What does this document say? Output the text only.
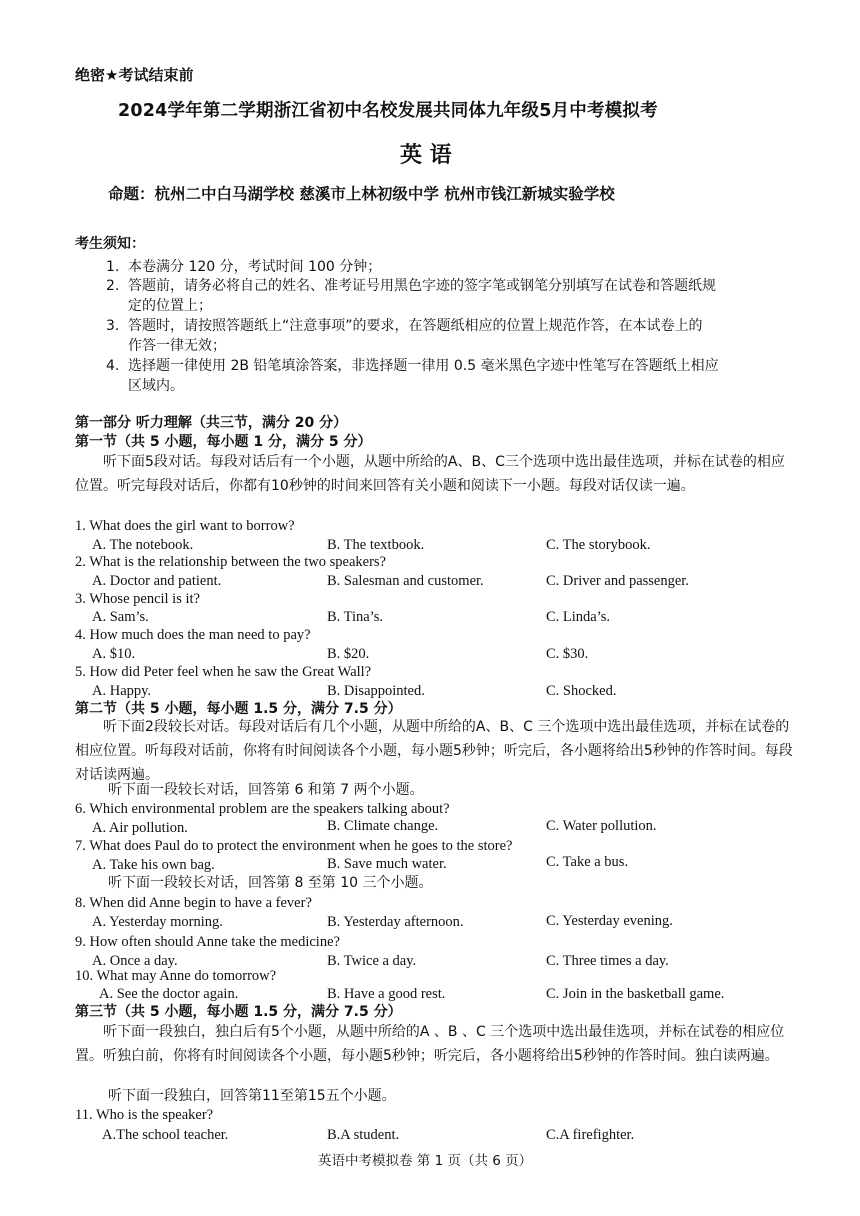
绝密★考试结束前
2024学年第二学期浙江省初中名校发展共同体九年级5月中考模拟考
英 语
命题：杭州二中白马湖学校 慈溪市上林初级中学 杭州市钱江新城实验学校
考生须知：
1. 本卷满分 120 分，考试时间 100 分钟；
2. 答题前，请务必将自己的姓名、准考证号用黑色字迹的签字笔或钢笔分别填写在试卷和答题纸规
定的位置上；
3. 答题时，请按照答题纸上“注意事项”的要求，在答题纸相应的位置上规范作答，在本试卷上的
作答一律无效；
4. 选择题一律使用 2B 铅笔填涂答案，非选择题一律用 0.5 毫米黑色字迹中性笔写在答题纸上相应
区域内。
第一部分 听力理解（共三节，满分 20 分）
第一节（共 5 小题，每小题 1 分，满分 5 分）
听下面5段对话。每段对话后有一个小题，从题中所给的A、B、C三个选项中选出最佳选项，并标在试卷的相应位置。听完每段对话后，你都有10秒钟的时间来回答有关小题和阅读下一小题。每段对话仅读一遍。
1. What does the girl want to borrow?
A. The notebook.	B. The textbook.	C. The storybook.
2. What is the relationship between the two speakers?
A. Doctor and patient.	B. Salesman and customer.	C. Driver and passenger.
3. Whose pencil is it?
A. Sam’s.	B. Tina’s.	C. Linda’s.
4. How much does the man need to pay?
A. $10.	B. $20.	C. $30.
5. How did Peter feel when he saw the Great Wall?
A. Happy.	B. Disappointed.	C. Shocked.
第二节（共 5 小题，每小题 1.5 分，满分 7.5 分）
听下面2段较长对话。每段对话后有几个小题，从题中所给的A、B、C 三个选项中选出最佳选项，并标在试卷的相应位置。听每段对话前，你将有时间阅读各个小题，每小题5秒钟；听完后，各小题将给出5秒钟的作答时间。每段对话读两遍。
听下面一段较长对话，回答第 6 和第 7 两个小题。
6. Which environmental problem are the speakers talking about?
A. Air pollution.	B. Climate change.	C. Water pollution.
7. What does Paul do to protect the environment when he goes to the store?
A. Take his own bag.	B. Save much water.	C. Take a bus.
听下面一段较长对话，回答第 8 至第 10 三个小题。
8. When did Anne begin to have a fever?
A. Yesterday morning.	B. Yesterday afternoon.	C. Yesterday evening.
9. How often should Anne take the medicine?
A. Once a day.	B. Twice a day.	C. Three times a day.
10. What may Anne do tomorrow?
A. See the doctor again.	B. Have a good rest.	C. Join in the basketball game.
第三节（共 5 小题，每小题 1.5 分，满分 7.5 分）
听下面一段独白，独白后有5个小题，从题中所给的A 、B 、C 三个选项中选出最佳选项，并标在试卷的相应位置。听独白前，你将有时间阅读各个小题，每小题5秒钟；听完后，各小题将给出5秒钟的作答时间。独白读两遍。
听下面一段独白，回答第11至第15五个小题。
11. Who is the speaker?
A.The school teacher.	B.A student.	C.A firefighter.
英语中考模拟卷 第 1 页（共 6 页）
